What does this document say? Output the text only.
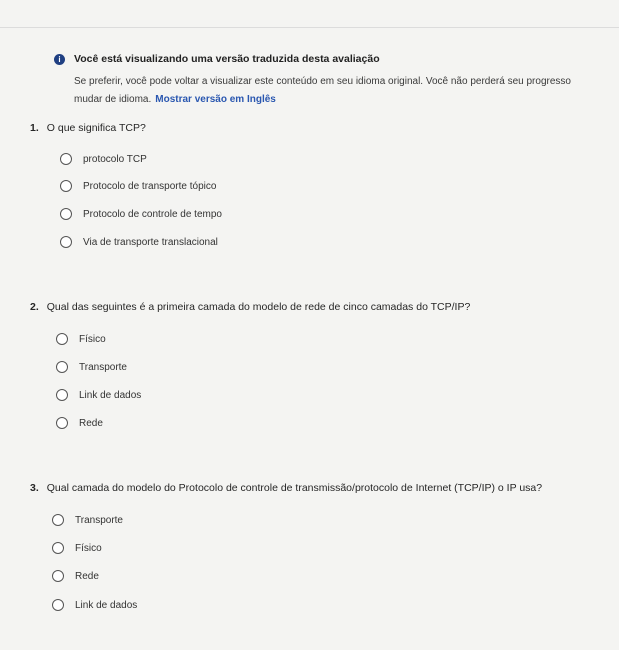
i	Você está visualizando uma versão traduzida desta avaliação
Se preferir, você pode voltar a visualizar este conteúdo em seu idioma original. Você não perderá seu progresso
mudar de idioma. Mostrar versão em Inglês
1. O que significa TCP?
protocolo TCP
Protocolo de transporte tópico
Protocolo de controle de tempo
Via de transporte translacional
2. Qual das seguintes é a primeira camada do modelo de rede de cinco camadas do TCP/IP?
Físico
Transporte
Link de dados
Rede
3. Qual camada do modelo do Protocolo de controle de transmissão/protocolo de Internet (TCP/IP) o IP usa?
Transporte
Físico
Rede
Link de dados
